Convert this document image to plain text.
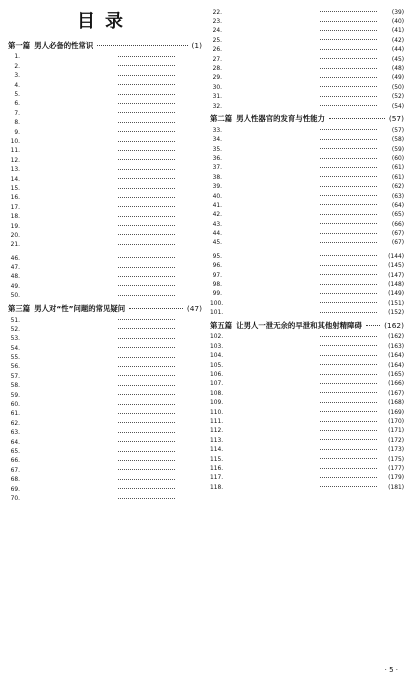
目录
第一篇 男人必备的性常识	(1)
1.
2.
3.
4.
5.
6.
7.
8.
9.
10.
11.
12.
13.
14.
15.
16.
17.
18.
19.
20.
21.
46.
47.
48.
49.
50.
第三篇 男人对“性”问题的常见疑问	(47)
51.
52.
53.
54.
55.
56.
57.
58.
59.
60.
61.
62.
63.
64.
65.
66.
67.
68.
69.
70.
22.	(39)
23.	(40)
24.	(41)
25.	(42)
26.	(44)
27.	(45)
28.	(48)
29.	(49)
30.	(50)
31.	(52)
32.	(54)
第二篇 男人性器官的发育与性能力	(57)
33.	(57)
34.	(58)
35.	(59)
36.	(60)
37.	(61)
38.	(61)
39.	(62)
40.	(63)
41.	(64)
42.	(65)
43.	(66)
44.	(67)
45.	(67)
95.	(144)
96.	(145)
97.	(147)
98.	(148)
99.	(149)
100.	(151)
101.	(152)
第五篇 让男人一泄无余的早泄和其他射精障碍	(162)
102.	(162)
103.	(163)
104.	(164)
105.	(164)
106.	(165)
107.	(166)
108.	(167)
109.	(168)
110.	(169)
111.	(170)
112.	(171)
113.	(172)
114.	(173)
115.	(175)
116.	(177)
117.	(179)
118.	(181)
· 5 ·
